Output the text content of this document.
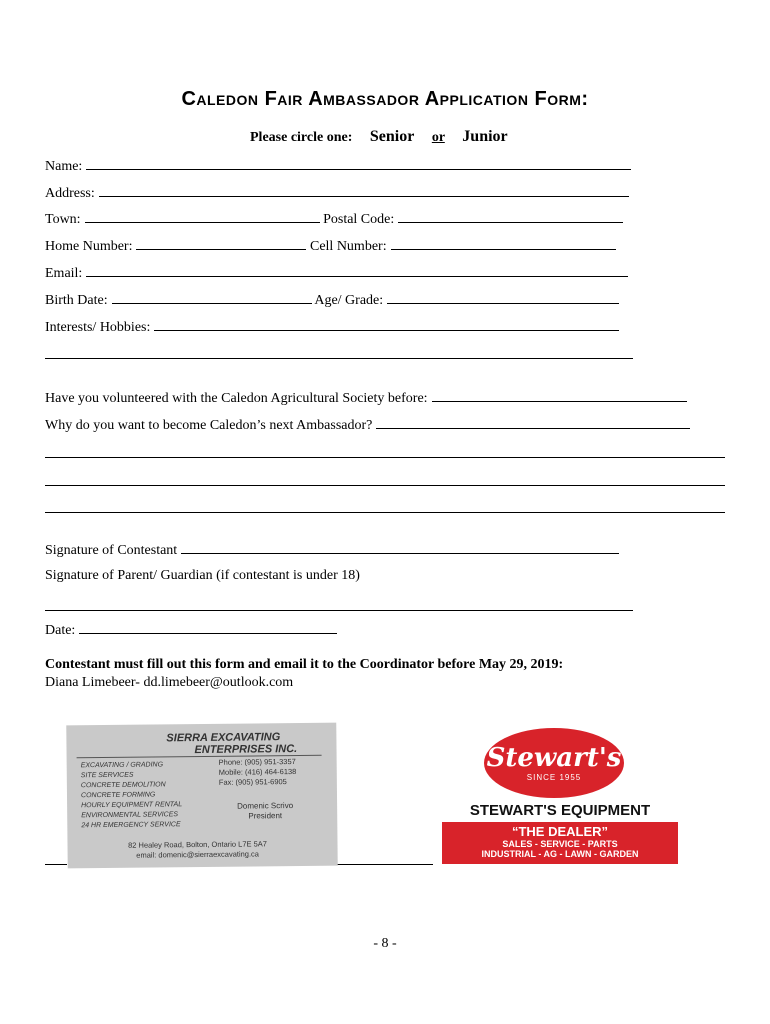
Caledon Fair Ambassador Application Form:
Please circle one: Senior or Junior
Name:
Address:
Town:	Postal Code:
Home Number:	Cell Number:
Email:
Birth Date:	Age/ Grade:
Interests/ Hobbies:
Have you volunteered with the Caledon Agricultural Society before:
Why do you want to become Caledon’s next Ambassador?
Signature of Contestant
Signature of Parent/ Guardian (if contestant is under 18)
Date:
Contestant must fill out this form and email it to the Coordinator before May 29, 2019:
Diana Limebeer- dd.limebeer@outlook.com
SIERRA EXCAVATING
ENTERPRISES INC.
EXCAVATING / GRADING
SITE SERVICES
CONCRETE DEMOLITION
CONCRETE FORMING
HOURLY EQUIPMENT RENTAL
ENVIRONMENTAL SERVICES
24 HR EMERGENCY SERVICE
Phone: (905) 951-3357
Mobile: (416) 464-6138
Fax: (905) 951-6905
Domenic Scrivo
President
82 Healey Road, Bolton, Ontario L7E 5A7
email: domenic@sierraexcavating.ca
Stewart's
SINCE 1955
STEWART'S EQUIPMENT
“THE DEALER”
SALES - SERVICE - PARTS
INDUSTRIAL - AG - LAWN - GARDEN
- 8 -
